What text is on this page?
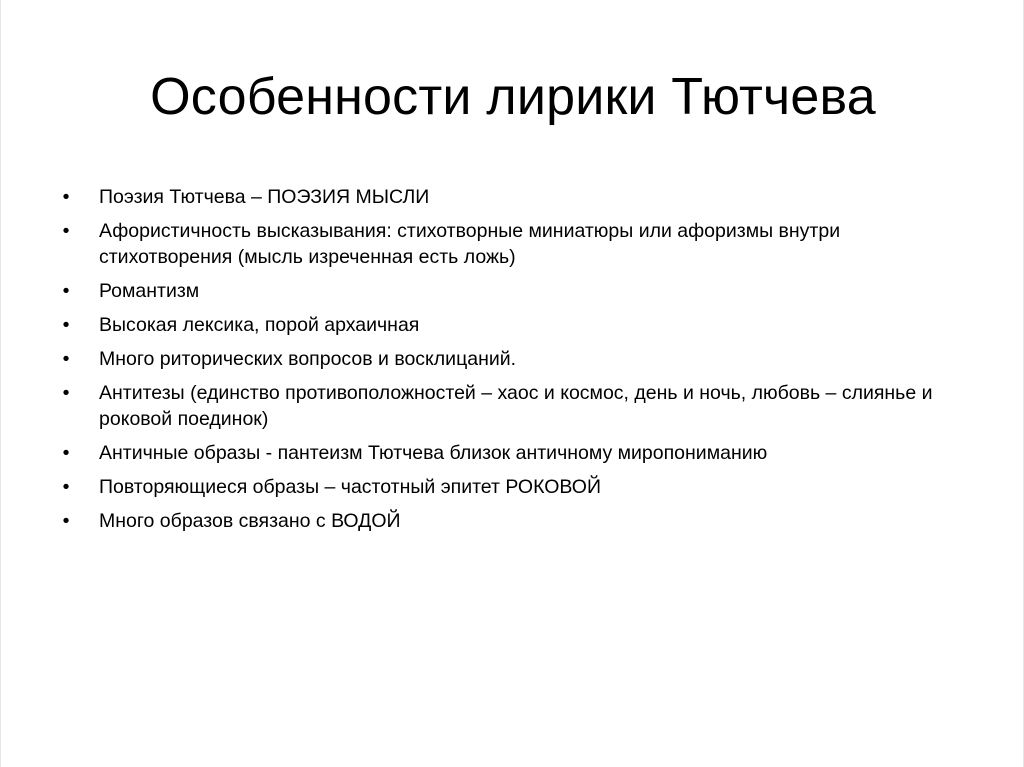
Особенности лирики Тютчева
• Поэзия Тютчева – ПОЭЗИЯ МЫСЛИ
• Афористичность высказывания: стихотворные миниатюры или афоризмы внутри стихотворения (мысль изреченная есть ложь)
• Романтизм
• Высокая лексика, порой архаичная
• Много риторических вопросов и восклицаний.
• Антитезы (единство противоположностей – хаос и космос, день и ночь, любовь – слиянье и роковой поединок)
• Античные образы - пантеизм Тютчева близок античному миропониманию
• Повторяющиеся образы – частотный эпитет РОКОВОЙ
• Много образов связано с ВОДОЙ
